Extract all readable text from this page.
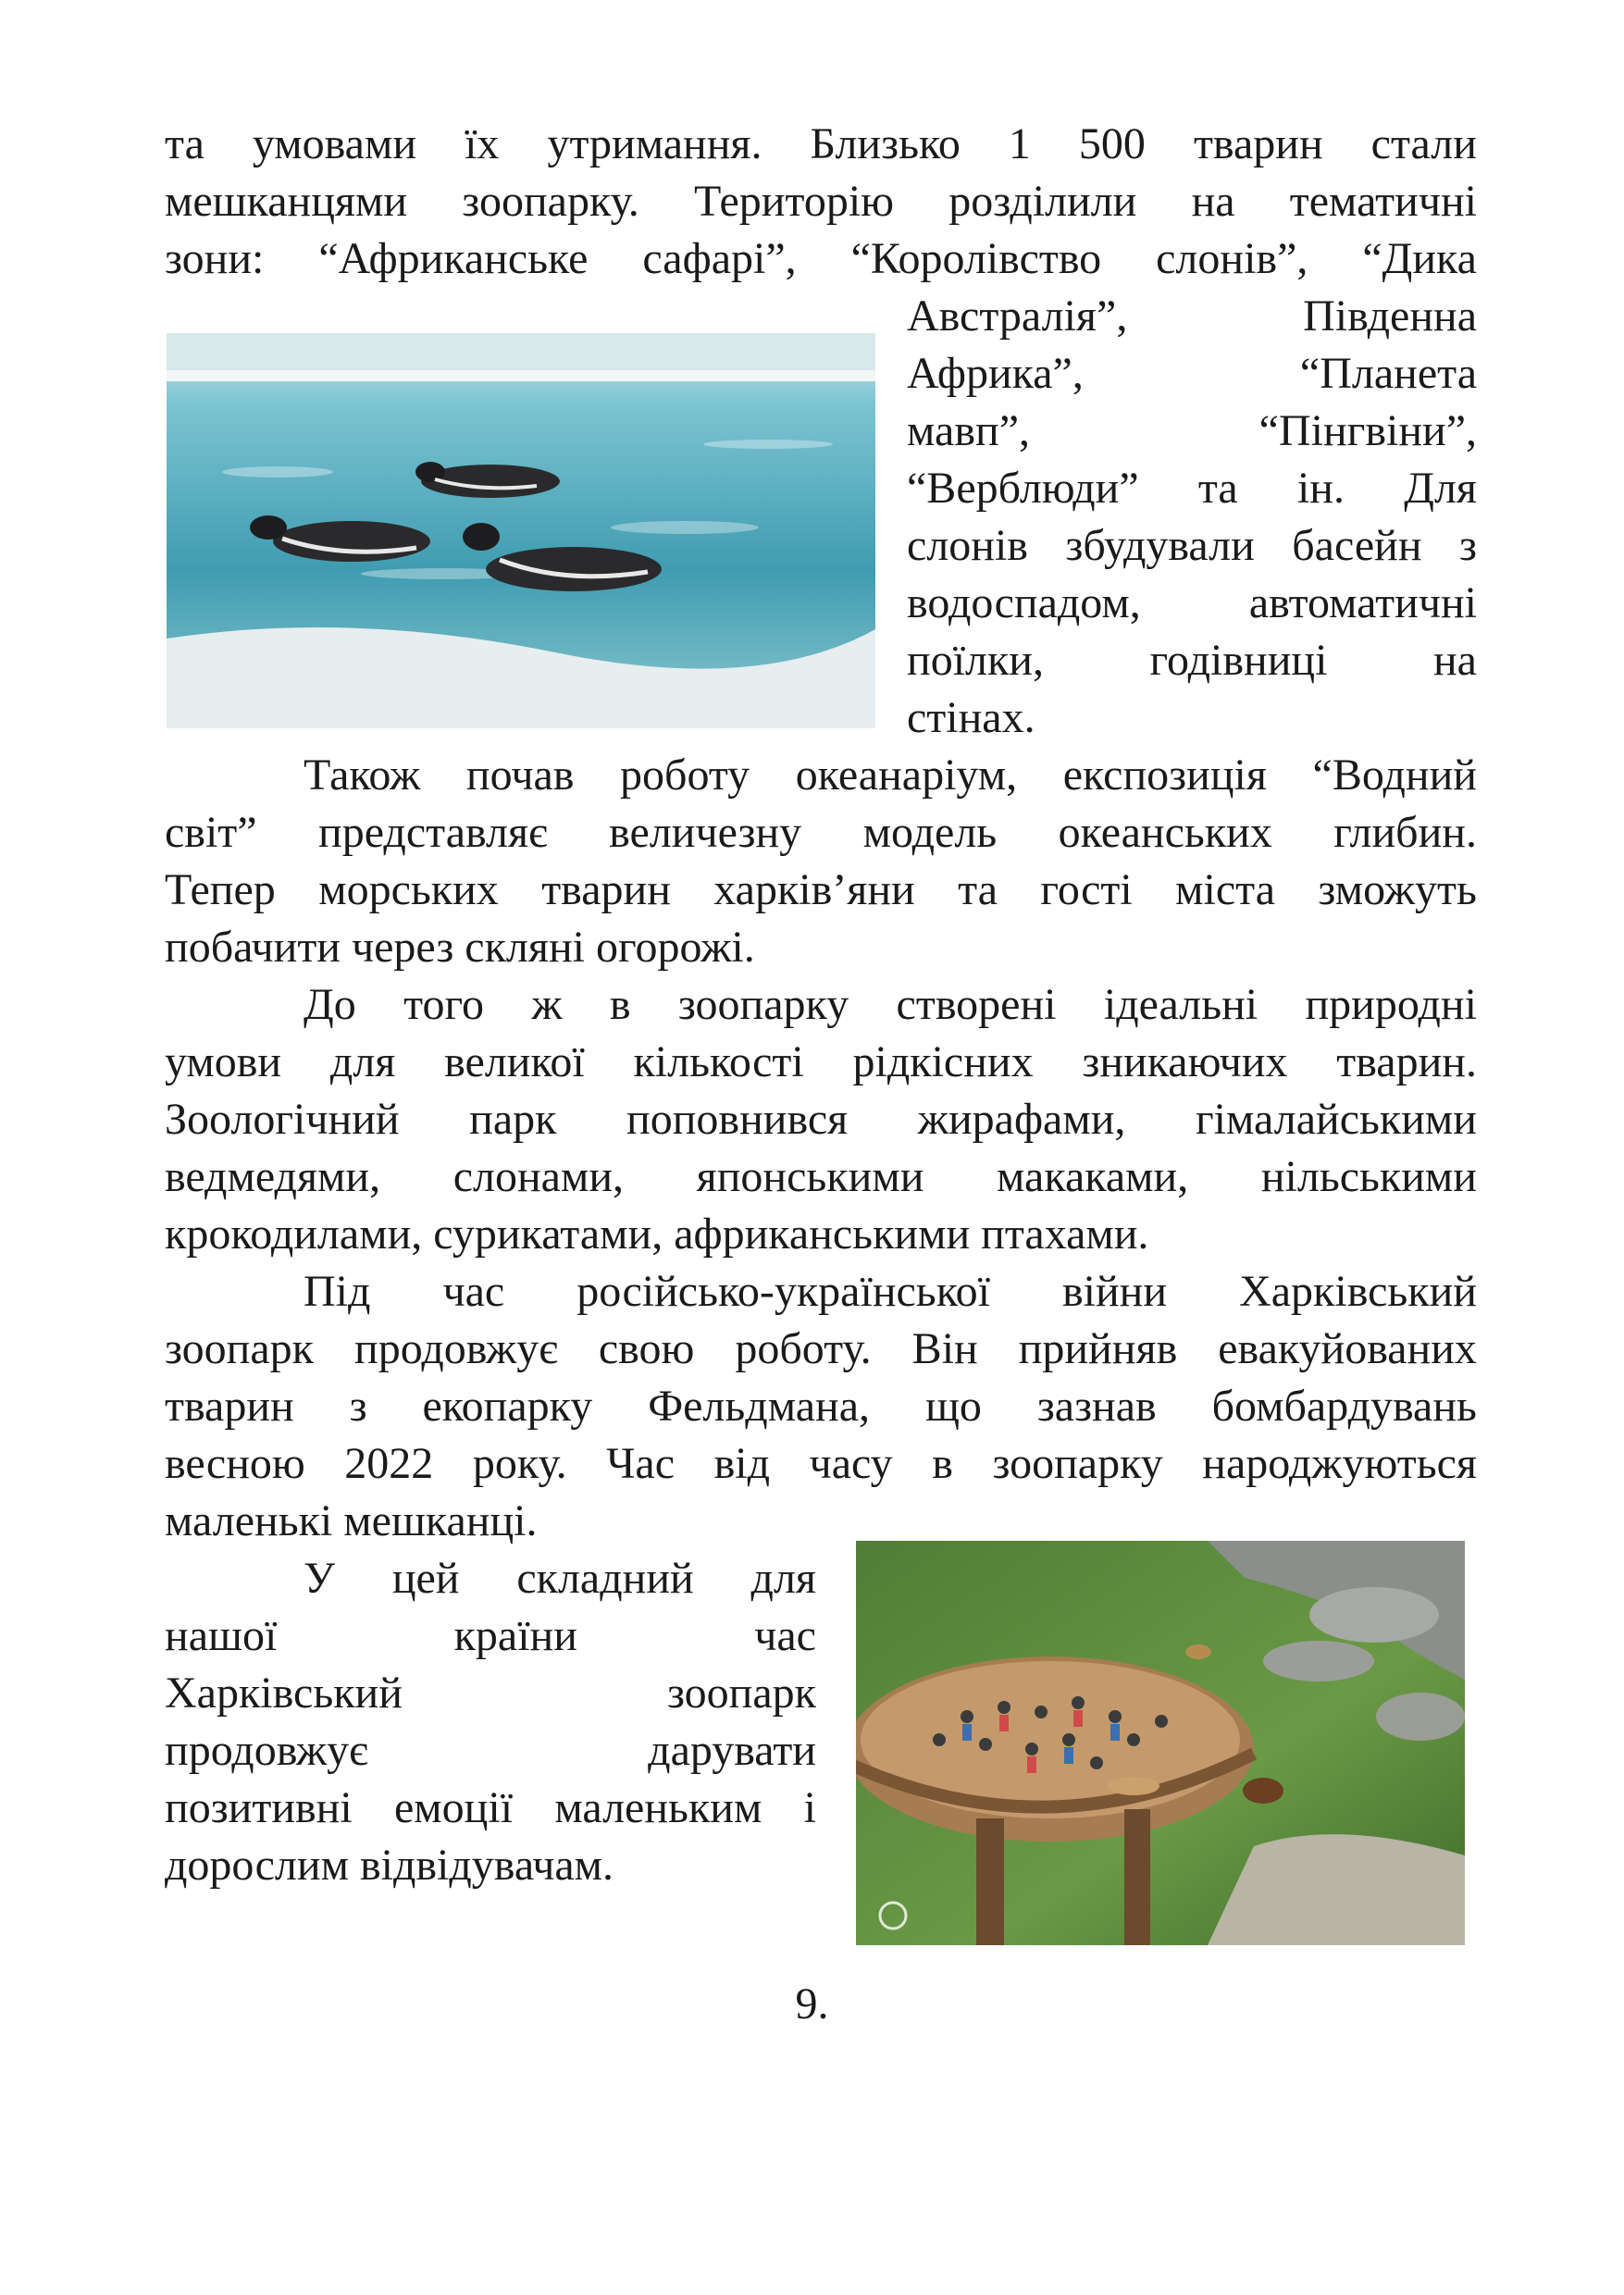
та умовами їх утримання. Близько 1 500 тварин стали
мешканцями зоопарку. Територію розділили на тематичні
зони: “Африканське сафарі”, “Королівство слонів”, “Дика
Австралія”,	Південна
Африка”,	“Планета
мавп”,	“Пінгвіни”,
“Верблюди” та ін. Для
слонів збудували басейн з
водоспадом, автоматичні
поїлки, годівниці на
стінах.
Також почав роботу океанаріум, експозиція “Водний
світ” представляє величезну модель океанських глибин.
Тепер морських тварин харків’яни та гості міста зможуть
побачити через скляні огорожі.
До того ж в зоопарку створені ідеальні природні
умови для великої кількості рідкісних зникаючих тварин.
Зоологічний парк поповнився жирафами, гімалайськими
ведмедями, слонами, японськими макаками, нільськими
крокодилами, сурикатами, африканськими птахами.
Під час російсько-української війни Харківський
зоопарк продовжує свою роботу. Він прийняв евакуйованих
тварин з екопарку Фельдмана, що зазнав бомбардувань
весною 2022 року. Час від часу в зоопарку народжуються
маленькі мешканці.
У цей складний для
нашої	країни	час
Харківський	зоопарк
продовжує	дарувати
позитивні емоції маленьким і
дорослим відвідувачам.
9.
